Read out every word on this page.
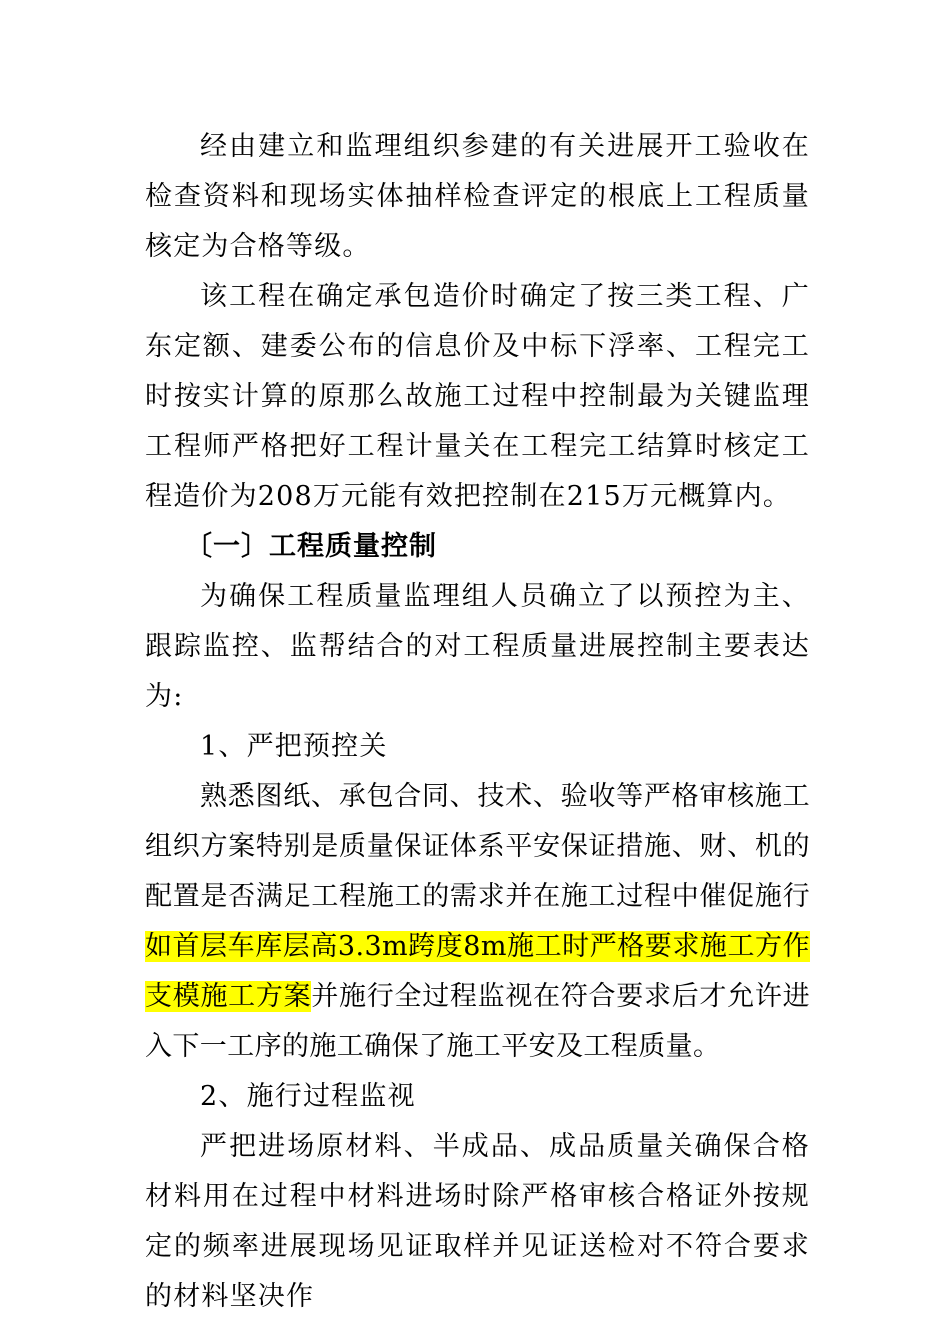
经由建立和监理组织参建的有关进展开工验收在检查资料和现场实体抽样检查评定的根底上工程质量核定为合格等级。

该工程在确定承包造价时确定了按三类工程、广东定额、建委公布的信息价及中标下浮率、工程完工时按实计算的原那么故施工过程中控制最为关键监理工程师严格把好工程计量关在工程完工结算时核定工程造价为208万元能有效把控制在215万元概算内。

〔一〕工程质量控制

为确保工程质量监理组人员确立了以预控为主、跟踪监控、监帮结合的对工程质量进展控制主要表达为:

1、严把预控关

熟悉图纸、承包合同、技术、验收等严格审核施工组织方案特别是质量保证体系平安保证措施、财、机的配置是否满足工程施工的需求并在施工过程中催促施行如首层车库层高3.3m跨度8m施工时严格要求施工方作支模施工方案并施行全过程监视在符合要求后才允许进入下一工序的施工确保了施工平安及工程质量。

2、施行过程监视

严把进场原材料、半成品、成品质量关确保合格材料用在过程中材料进场时除严格审核合格证外按规定的频率进展现场见证取样并见证送检对不符合要求的材料坚决作
